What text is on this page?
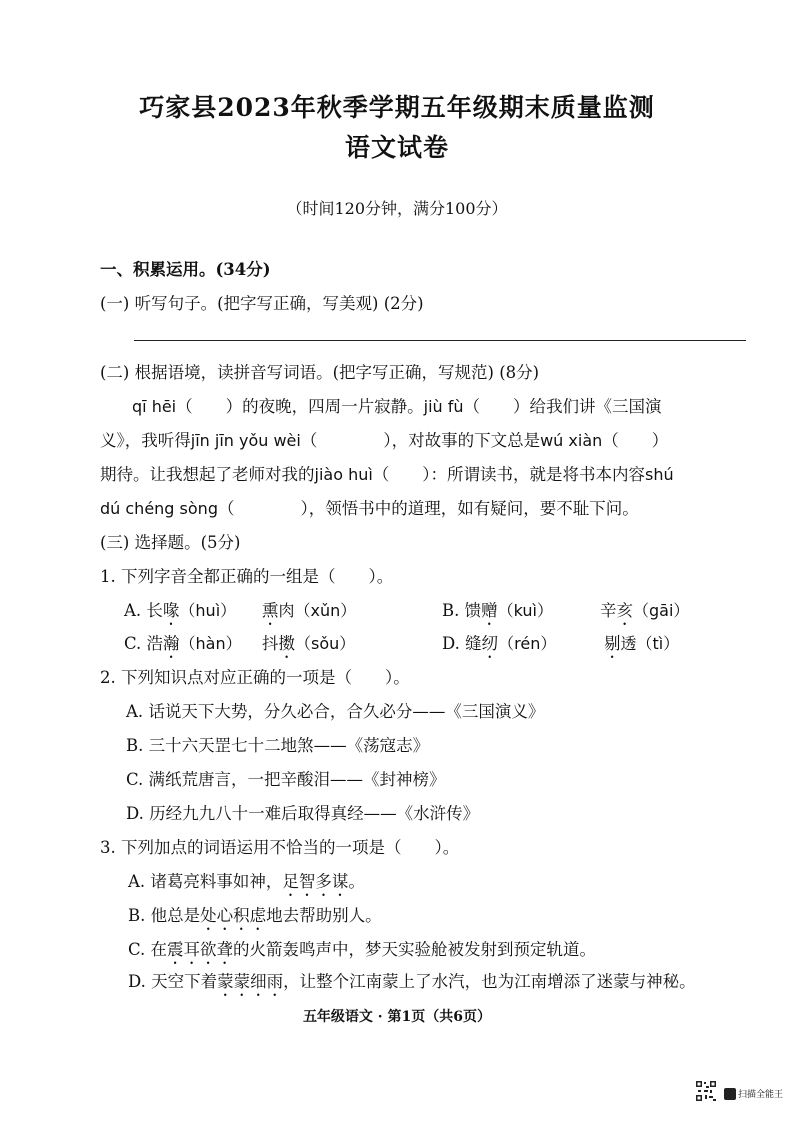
巧家县2023年秋季学期五年级期末质量监测
语文试卷
（时间120分钟，满分100分）
一、积累运用。(34分)
(一) 听写句子。(把字写正确，写美观) (2分)
(二) 根据语境，读拼音写词语。(把字写正确，写规范) (8分)
qī hēi（　　）的夜晚，四周一片寂静。jiù fù（　　）给我们讲《三国演
义》，我听得jīn jīn yǒu wèi（　　　　），对故事的下文总是wú xiàn（　　）
期待。让我想起了老师对我的jiào huì（　　）：所谓读书，就是将书本内容shú
dú chéng sòng（　　　　），领悟书中的道理，如有疑问，要不耻下问。
(三) 选择题。(5分)
1. 下列字音全都正确的一组是（　　）。
A. 长喙（huì） 熏肉（xǔn）	B. 馈赠（kuì）	辛亥（gāi）
C. 浩瀚（hàn） 抖擞（sǒu）	D. 缝纫（rén）	剔透（tì）
2. 下列知识点对应正确的一项是（　　）。
A. 话说天下大势，分久必合，合久必分——《三国演义》
B. 三十六天罡七十二地煞——《荡寇志》
C. 满纸荒唐言，一把辛酸泪——《封神榜》
D. 历经九九八十一难后取得真经——《水浒传》
3. 下列加点的词语运用不恰当的一项是（　　）。
A. 诸葛亮料事如神，足智多谋。
B. 他总是处心积虑地去帮助别人。
C. 在震耳欲聋的火箭轰鸣声中，梦天实验舱被发射到预定轨道。
D. 天空下着蒙蒙细雨，让整个江南蒙上了水汽，也为江南增添了迷蒙与神秘。
五年级语文 · 第1页（共6页）
扫描全能王
